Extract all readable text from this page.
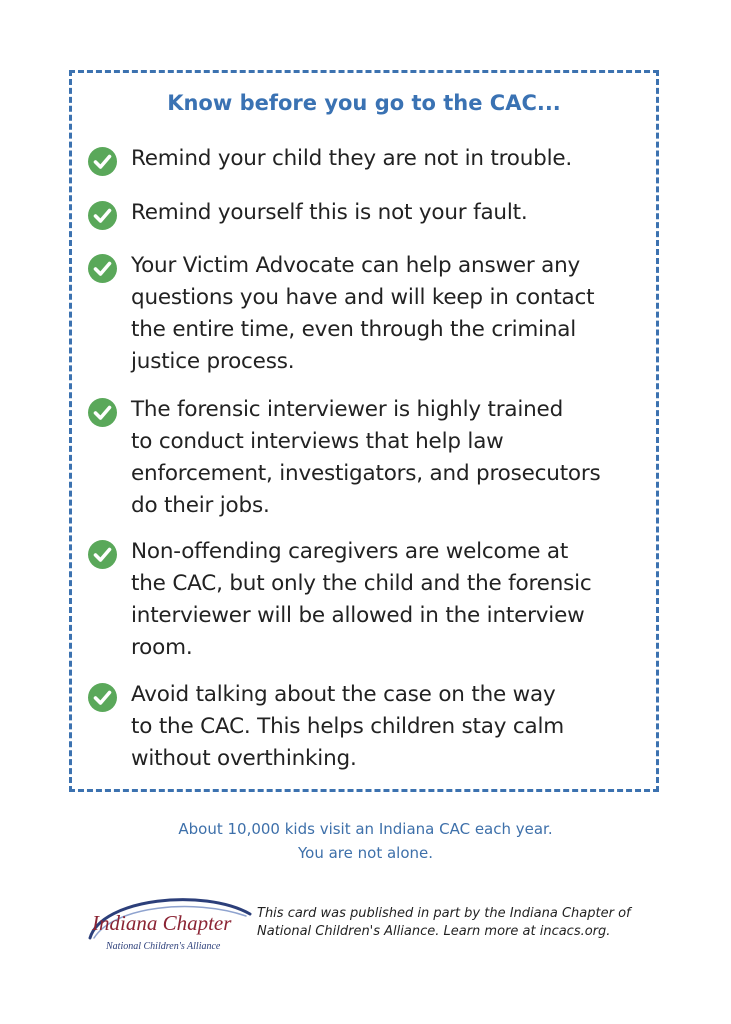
Know before you go to the CAC...
Remind your child they are not in trouble.
Remind yourself this is not your fault.
Your Victim Advocate can help answer any
questions you have and will keep in contact
the entire time, even through the criminal
justice process.
The forensic interviewer is highly trained
to conduct interviews that help law
enforcement, investigators, and prosecutors
do their jobs.
Non-offending caregivers are welcome at
the CAC, but only the child and the forensic
interviewer will be allowed in the interview
room.
Avoid talking about the case on the way
to the CAC. This helps children stay calm
without overthinking.
About 10,000 kids visit an Indiana CAC each year.
You are not alone.
Indiana Chapter
National Children's Alliance
This card was published in part by the Indiana Chapter of
National Children's Alliance. Learn more at incacs.org.
